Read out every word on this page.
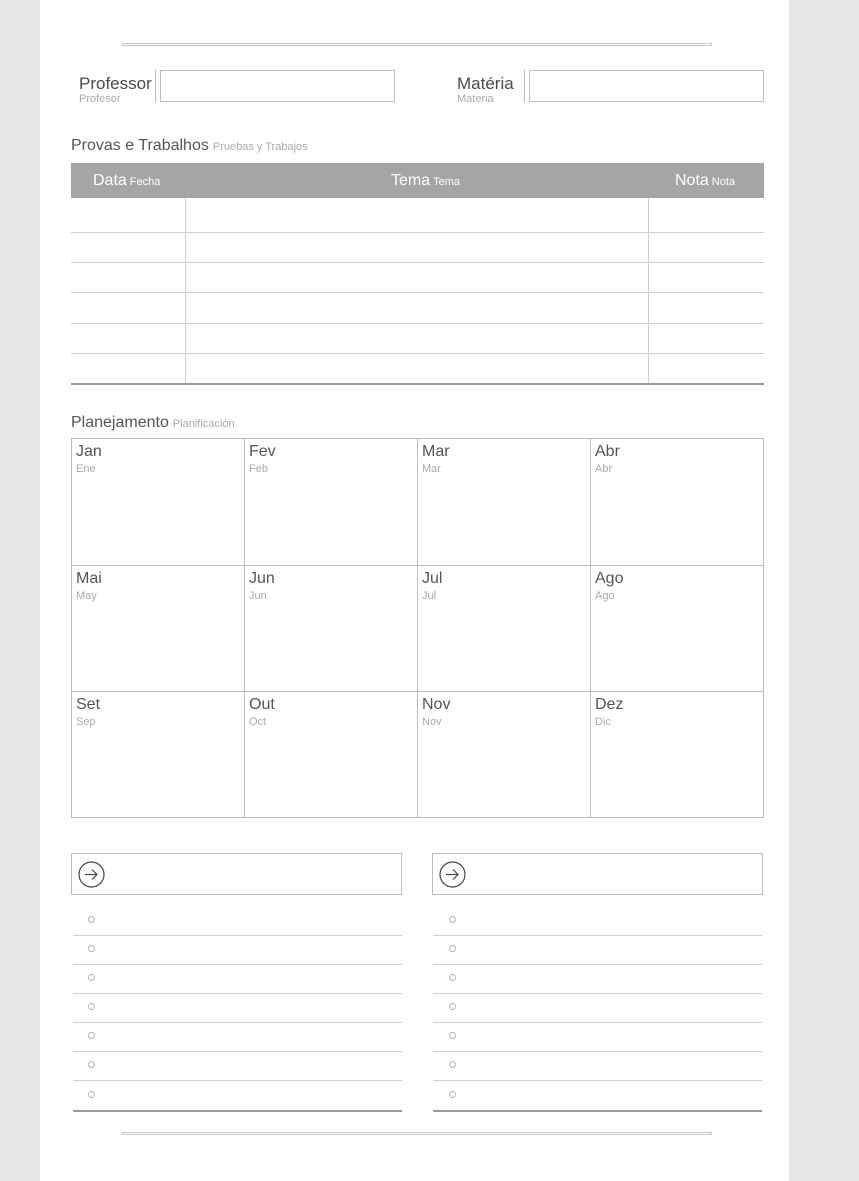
Professor
Profesor
Matéria
Materia
Provas e Trabalhos Pruebas y Trabajos
Data Fecha	Tema Tema	Nota Nota
Planejamento Planificación
Jan
Ene
Fev
Feb
Mar
Mar
Abr
Abr
Mai
May
Jun
Jun
Jul
Jul
Ago
Ago
Set
Sep
Out
Oct
Nov
Nov
Dez
Dic
